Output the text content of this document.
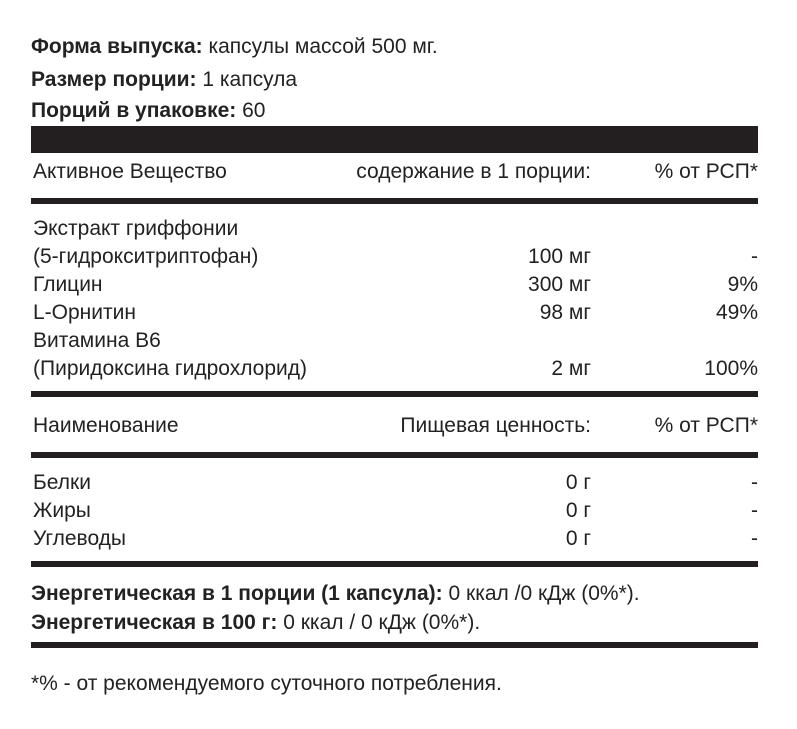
Форма выпуска: капсулы массой 500 мг.
Размер порции: 1 капсула
Порций в упаковке: 60
Активное Вещество	содержание в 1 порции:	% от РСП*
Экстракт гриффонии
(5-гидрокситриптофан)	100 мг	-
Глицин	300 мг	9%
L-Орнитин	98 мг	49%
Витамина В6
(Пиридоксина гидрохлорид)	2 мг	100%
Наименование	Пищевая ценность:	% от РСП*
Белки	0 г	-
Жиры	0 г	-
Углеводы	0 г	-
Энергетическая в 1 порции (1 капсула): 0 ккал /0 кДж (0%*).
Энергетическая в 100 г: 0 ккал / 0 кДж (0%*).
*% - от рекомендуемого суточного потребления.
